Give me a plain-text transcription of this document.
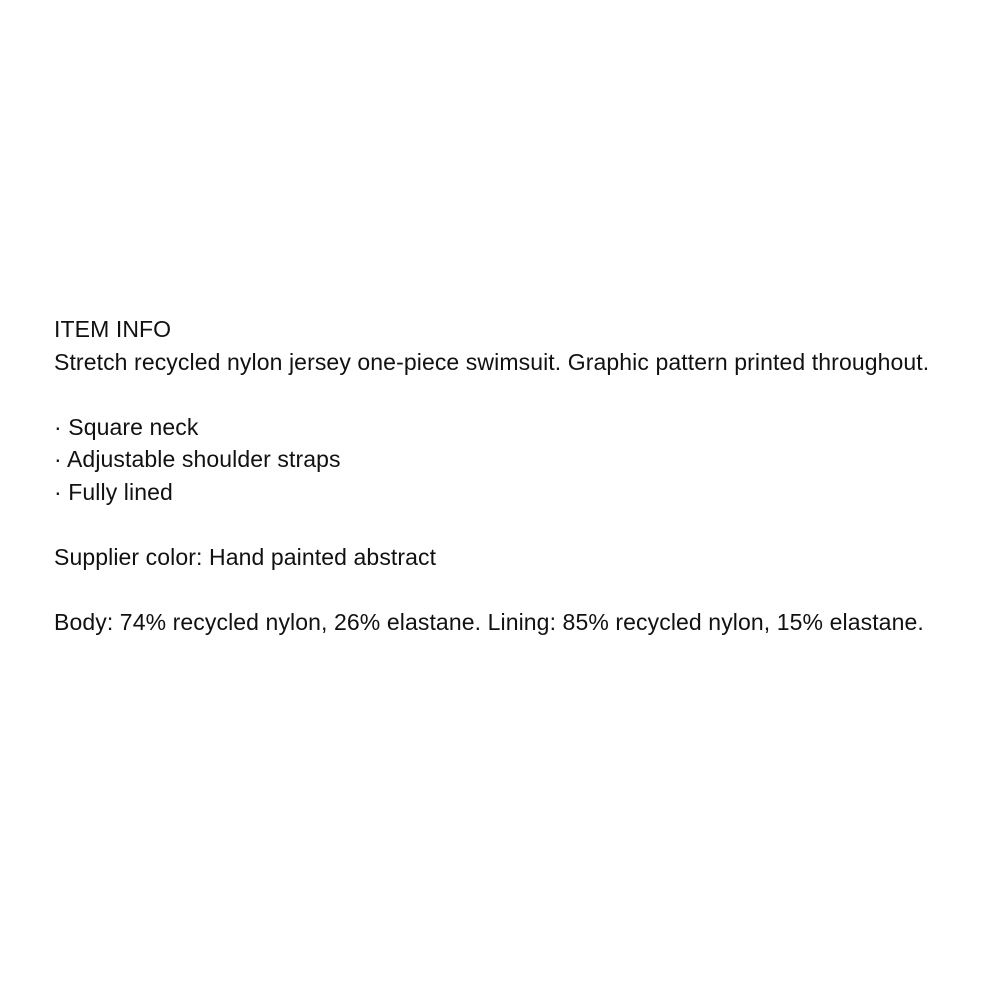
ITEM INFO

Stretch recycled nylon jersey one-piece swimsuit. Graphic pattern printed throughout.

· Square neck
· Adjustable shoulder straps
· Fully lined

Supplier color: Hand painted abstract

Body: 74% recycled nylon, 26% elastane. Lining: 85% recycled nylon, 15% elastane.
